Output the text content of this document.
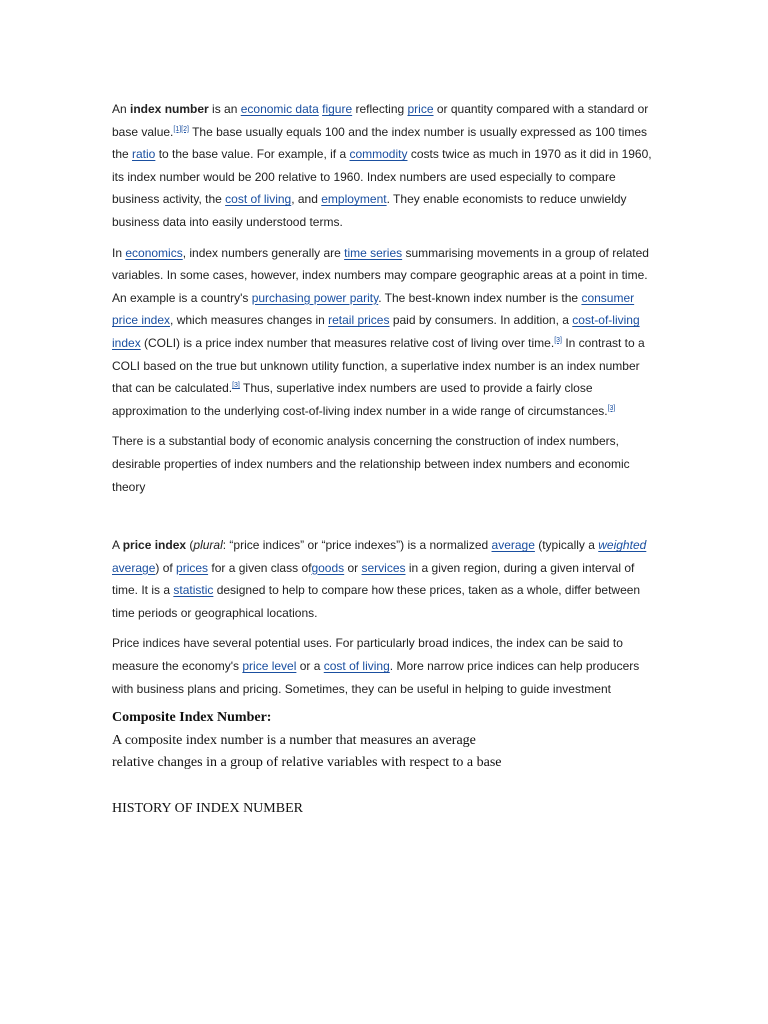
An index number is an economic data figure reflecting price or quantity compared with a standard or base value.[1][2] The base usually equals 100 and the index number is usually expressed as 100 times the ratio to the base value. For example, if a commodity costs twice as much in 1970 as it did in 1960, its index number would be 200 relative to 1960. Index numbers are used especially to compare business activity, the cost of living, and employment. They enable economists to reduce unwieldy business data into easily understood terms.

In economics, index numbers generally are time series summarising movements in a group of related variables. In some cases, however, index numbers may compare geographic areas at a point in time. An example is a country's purchasing power parity. The best-known index number is the consumer price index, which measures changes in retail prices paid by consumers. In addition, a cost-of-living index (COLI) is a price index number that measures relative cost of living over time.[3] In contrast to a COLI based on the true but unknown utility function, a superlative index number is an index number that can be calculated.[3] Thus, superlative index numbers are used to provide a fairly close approximation to the underlying cost-of-living index number in a wide range of circumstances.[3]

There is a substantial body of economic analysis concerning the construction of index numbers, desirable properties of index numbers and the relationship between index numbers and economic theory

A price index (plural: “price indices” or “price indexes”) is a normalized average (typically a weighted average) of prices for a given class ofgoods or services in a given region, during a given interval of time. It is a statistic designed to help to compare how these prices, taken as a whole, differ between time periods or geographical locations.

Price indices have several potential uses. For particularly broad indices, the index can be said to measure the economy's price level or a cost of living. More narrow price indices can help producers with business plans and pricing. Sometimes, they can be useful in helping to guide investment

Composite Index Number:

A composite index number is a number that measures an average

relative changes in a group of relative variables with respect to a base

HISTORY OF INDEX NUMBER
